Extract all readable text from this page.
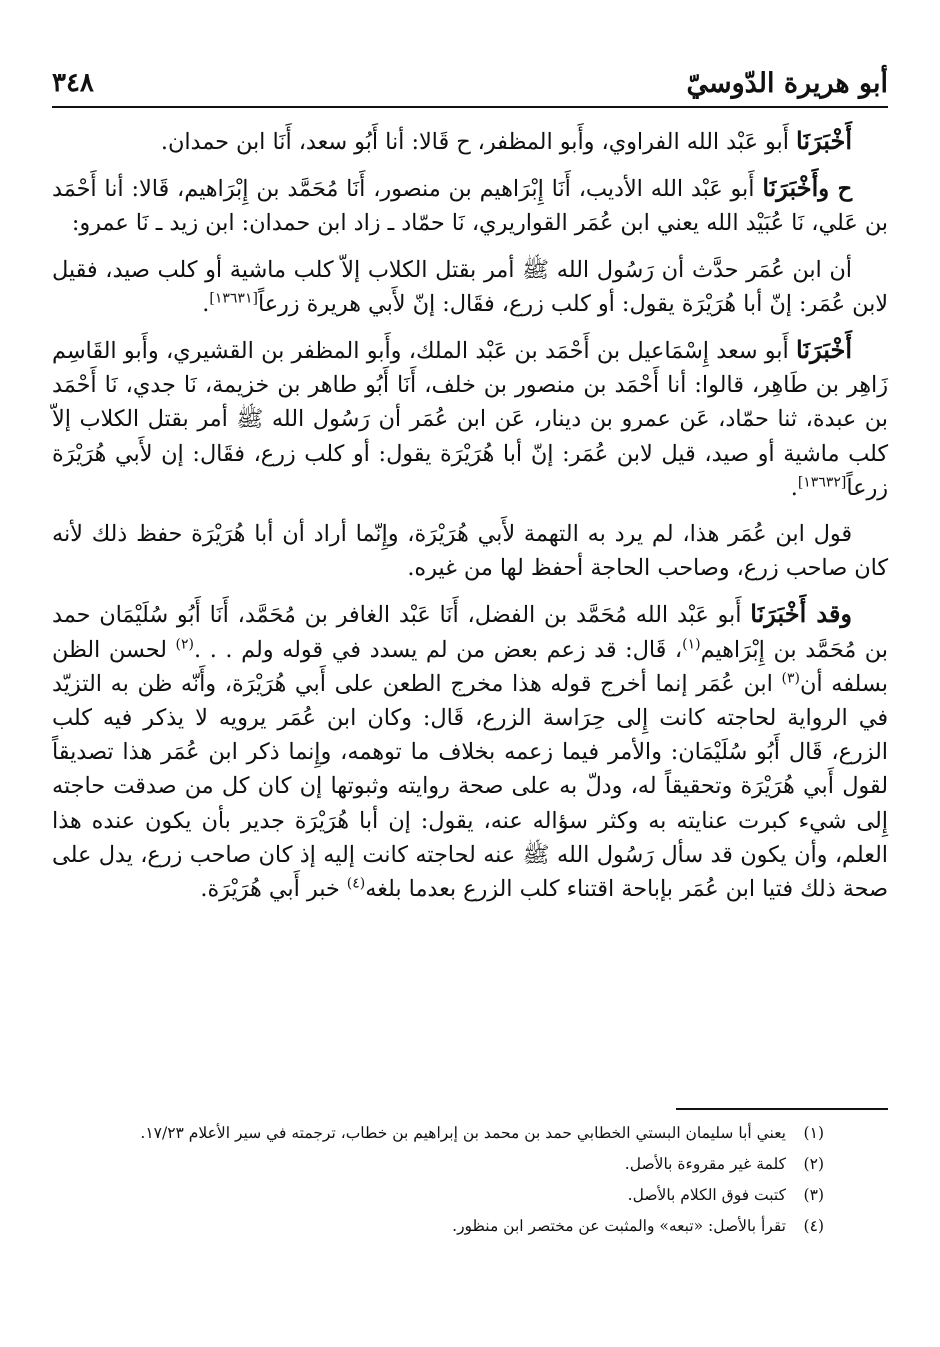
أبو هريرة الدّوسيّ
٣٤٨

أَخْبَرَنَا أَبو عَبْد الله الفراوي، وأَبو المظفر، ح قَالا: أنا أَبُو سعد، أَنَا ابن حمدان.

ح وأَخْبَرَنَا أَبو عَبْد الله الأديب، أَنَا إِبْرَاهيم بن منصور، أَنَا مُحَمَّد بن إِبْرَاهيم، قَالا: أنا أَحْمَد بن عَلي، نَا عُبَيْد الله يعني ابن عُمَر القواريري، نَا حمّاد ـ زاد ابن حمدان: ابن زيد ـ نَا عمرو:

أن ابن عُمَر حدَّث أن رَسُول الله ﷺ أمر بقتل الكلاب إلاّ كلب ماشية أو كلب صيد، فقيل لابن عُمَر: إنّ أبا هُرَيْرَة يقول: أو كلب زرع، فقَال: إنّ لأَبي هريرة زرعاً[١٣٦٣١].

أَخْبَرَنَا أَبو سعد إِسْمَاعيل بن أَحْمَد بن عَبْد الملك، وأَبو المظفر بن القشيري، وأَبو القَاسِم زَاهِر بن طَاهِر، قالوا: أنا أَحْمَد بن منصور بن خلف، أَنَا أَبُو طاهر بن خزيمة، نَا جدي، نَا أَحْمَد بن عبدة، ثنا حمّاد، عَن عمرو بن دينار، عَن ابن عُمَر أن رَسُول الله ﷺ أمر بقتل الكلاب إلاّ كلب ماشية أو صيد، قيل لابن عُمَر: إنّ أبا هُرَيْرَة يقول: أو كلب زرع، فقَال: إن لأَبي هُرَيْرَة زرعاً[١٣٦٣٢].

قول ابن عُمَر هذا، لم يرد به التهمة لأَبي هُرَيْرَة، وإِنّما أراد أن أبا هُرَيْرَة حفظ ذلك لأنه كان صاحب زرع، وصاحب الحاجة أحفظ لها من غيره.

وقد أَخْبَرَنَا أَبو عَبْد الله مُحَمَّد بن الفضل، أَنَا عَبْد الغافر بن مُحَمَّد، أَنَا أَبُو سُلَيْمَان حمد بن مُحَمَّد بن إِبْرَاهيم$^{(١)}$، قَال: قد زعم بعض من لم يسدد في قوله ولم . . .$^{(٢)}$ لحسن الظن بسلفه أن$^{(٣)}$ ابن عُمَر إنما أخرج قوله هذا مخرج الطعن على أَبي هُرَيْرَة، وأَنّه ظن به التزيّد في الرواية لحاجته كانت إِلى حِرَاسة الزرع، قَال: وكان ابن عُمَر يرويه لا يذكر فيه كلب الزرع، قَال أَبُو سُلَيْمَان: والأمر فيما زعمه بخلاف ما توهمه، وإِنما ذكر ابن عُمَر هذا تصديقاً لقول أَبي هُرَيْرَة وتحقيقاً له، ودلّ به على صحة روايته وثبوتها إن كان كل من صدقت حاجته إِلى شيء كبرت عنايته به وكثر سؤاله عنه، يقول: إن أبا هُرَيْرَة جدير بأن يكون عنده هذا العلم، وأن يكون قد سأل رَسُول الله ﷺ عنه لحاجته كانت إليه إذ كان صاحب زرع، يدل على صحة ذلك فتيا ابن عُمَر بإباحة اقتناء كلب الزرع بعدما بلغه$^{(٤)}$ خبر أَبي هُرَيْرَة.

(١)
يعني أبا سليمان البستي الخطابي حمد بن محمد بن إبراهيم بن خطاب، ترجمته في سير الأعلام ١٧/٢٣.
(٢)
كلمة غير مقروءة بالأصل.
(٣)
كتبت فوق الكلام بالأصل.
(٤)
تقرأ بالأصل: «تبعه» والمثبت عن مختصر ابن منظور.
